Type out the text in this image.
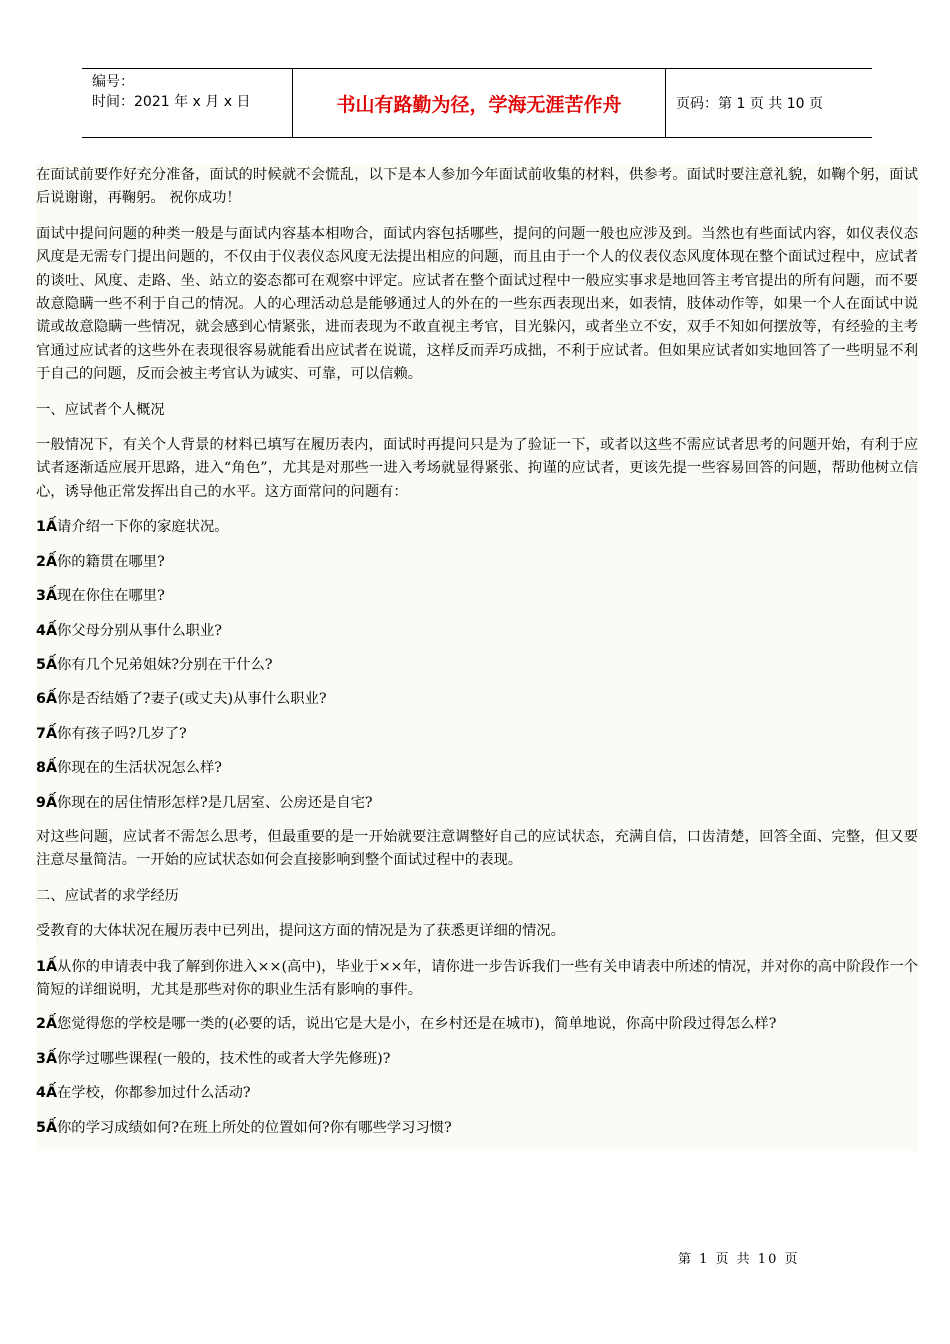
编号：
时间：2021 年 x 月 x 日	书山有路勤为径，学海无涯苦作舟	页码：第 1 页 共 10 页

在面试前要作好充分准备，面试的时候就不会慌乱，以下是本人参加今年面试前收集的材料，供参考。面试时要注意礼貌，如鞠个躬，面试后说谢谢，再鞠躬。 祝你成功！

面试中提问问题的种类一般是与面试内容基本相吻合，面试内容包括哪些，提问的问题一般也应涉及到。当然也有些面试内容，如仪表仪态风度是无需专门提出问题的，不仅由于仪表仪态风度无法提出相应的问题，而且由于一个人的仪表仪态风度体现在整个面试过程中，应试者的谈吐、风度、走路、坐、站立的姿态都可在观察中评定。应试者在整个面试过程中一般应实事求是地回答主考官提出的所有问题，而不要故意隐瞒一些不利于自己的情况。人的心理活动总是能够通过人的外在的一些东西表现出来，如表情，肢体动作等，如果一个人在面试中说谎或故意隐瞒一些情况，就会感到心情紧张，进而表现为不敢直视主考官，目光躲闪，或者坐立不安，双手不知如何摆放等，有经验的主考官通过应试者的这些外在表现很容易就能看出应试者在说谎，这样反而弄巧成拙，不利于应试者。但如果应试者如实地回答了一些明显不利于自己的问题，反而会被主考官认为诚实、可靠，可以信赖。

一、应试者个人概况

一般情况下，有关个人背景的材料已填写在履历表内，面试时再提问只是为了验证一下，或者以这些不需应试者思考的问题开始，有利于应试者逐渐适应展开思路，进入“角色”，尤其是对那些一进入考场就显得紧张、拘谨的应试者，更该先提一些容易回答的问题，帮助他树立信心，诱导他正常发挥出自己的水平。这方面常问的问题有：

1Ấ请介绍一下你的家庭状况。

2Ấ你的籍贯在哪里?

3Ấ现在你住在哪里?

4Ấ你父母分别从事什么职业?

5Ấ你有几个兄弟姐妹?分别在干什么?

6Ấ你是否结婚了?妻子(或丈夫)从事什么职业?

7Ấ你有孩子吗?几岁了?

8Ấ你现在的生活状况怎么样?

9Ấ你现在的居住情形怎样?是几居室、公房还是自宅?

对这些问题，应试者不需怎么思考，但最重要的是一开始就要注意调整好自己的应试状态，充满自信，口齿清楚，回答全面、完整，但又要注意尽量简洁。一开始的应试状态如何会直接影响到整个面试过程中的表现。

二、应试者的求学经历

受教育的大体状况在履历表中已列出，提问这方面的情况是为了获悉更详细的情况。

1Ấ从你的申请表中我了解到你进入××(高中)，毕业于××年，请你进一步告诉我们一些有关申请表中所述的情况，并对你的高中阶段作一个简短的详细说明，尤其是那些对你的职业生活有影响的事件。

2Ấ您觉得您的学校是哪一类的(必要的话，说出它是大是小，在乡村还是在城市)，简单地说，你高中阶段过得怎么样?

3Ấ你学过哪些课程(一般的，技术性的或者大学先修班)?

4Ấ在学校，你都参加过什么活动?

5Ấ你的学习成绩如何?在班上所处的位置如何?你有哪些学习习惯?

第 1 页 共 10 页
